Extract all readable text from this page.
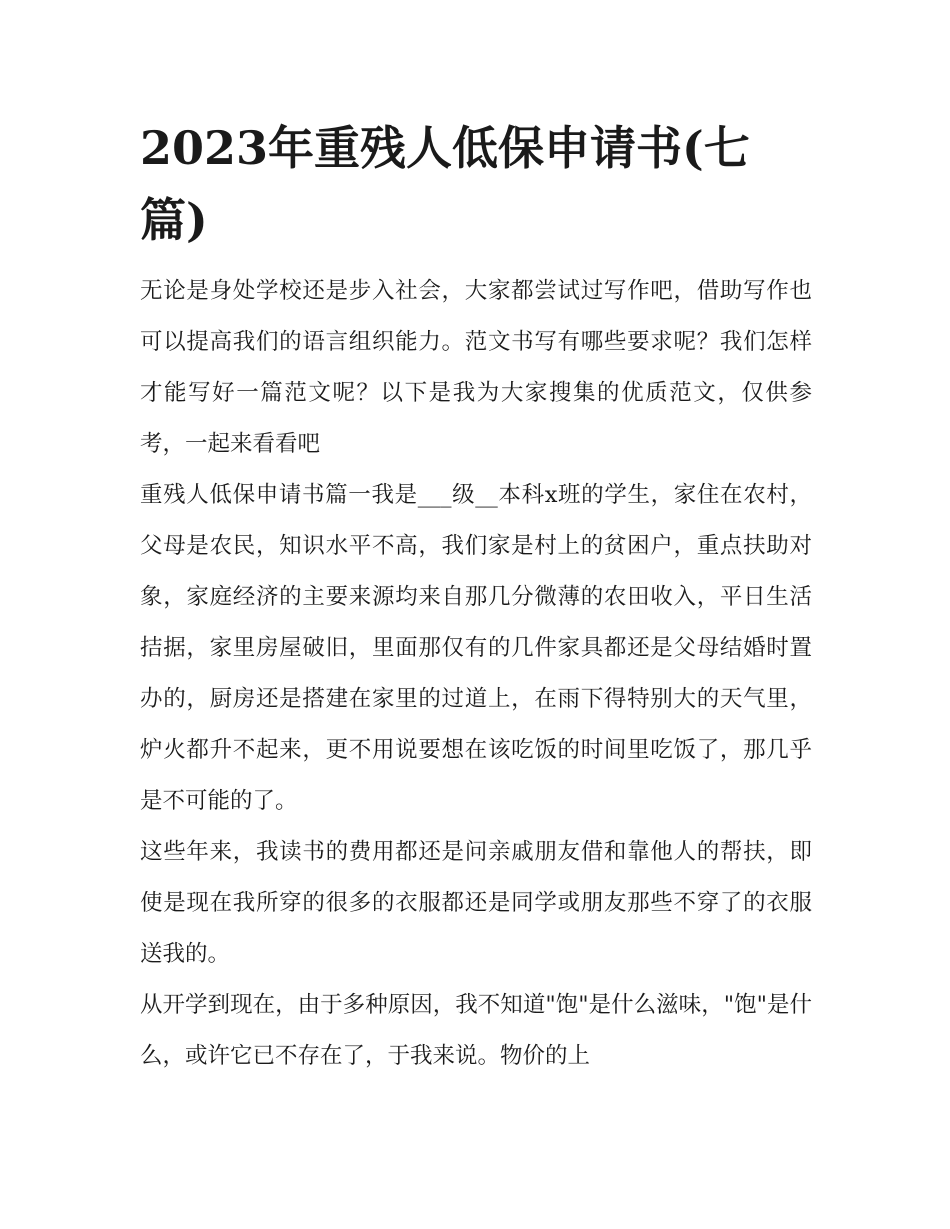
2023年重残人低保申请书(七篇)

无论是身处学校还是步入社会，大家都尝试过写作吧，借助写作也可以提高我们的语言组织能力。范文书写有哪些要求呢？我们怎样才能写好一篇范文呢？以下是我为大家搜集的优质范文，仅供参考，一起来看看吧

重残人低保申请书篇一我是___级__本科x班的学生，家住在农村，父母是农民，知识水平不高，我们家是村上的贫困户，重点扶助对象，家庭经济的主要来源均来自那几分微薄的农田收入，平日生活拮据，家里房屋破旧，里面那仅有的几件家具都还是父母结婚时置办的，厨房还是搭建在家里的过道上，在雨下得特别大的天气里，炉火都升不起来，更不用说要想在该吃饭的时间里吃饭了，那几乎是不可能的了。

这些年来，我读书的费用都还是问亲戚朋友借和靠他人的帮扶，即使是现在我所穿的很多的衣服都还是同学或朋友那些不穿了的衣服送我的。

从开学到现在，由于多种原因，我不知道"饱"是什么滋味，"饱"是什么，或许它已不存在了，于我来说。物价的上
